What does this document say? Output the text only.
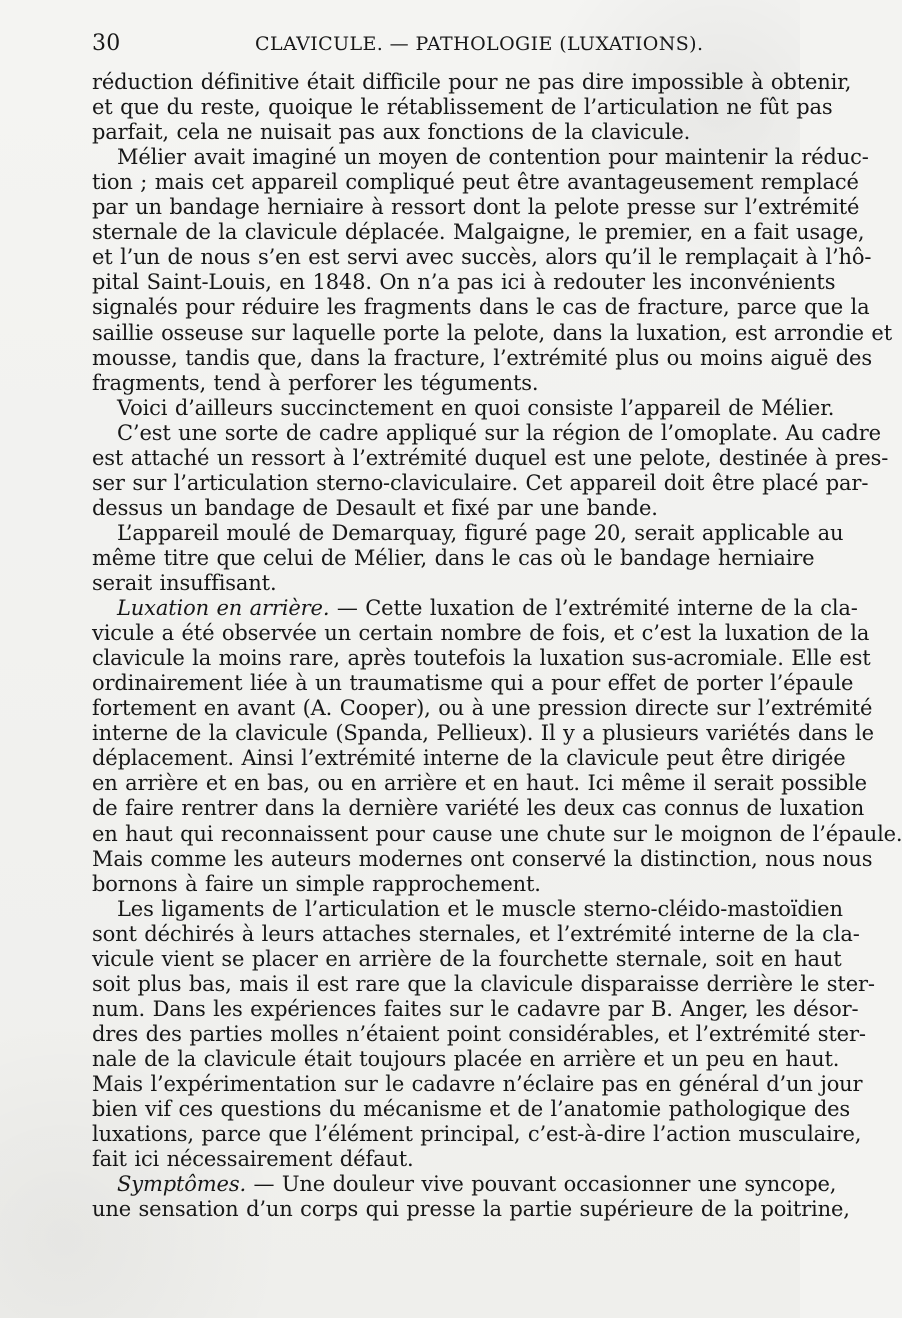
30	CLAVICULE. — PATHOLOGIE (LUXATIONS).
réduction définitive était difficile pour ne pas dire impossible à obtenir,
et que du reste, quoique le rétablissement de l’articulation ne fût pas
parfait, cela ne nuisait pas aux fonctions de la clavicule.
Mélier avait imaginé un moyen de contention pour maintenir la réduc-
tion ; mais cet appareil compliqué peut être avantageusement remplacé
par un bandage herniaire à ressort dont la pelote presse sur l’extrémité
sternale de la clavicule déplacée. Malgaigne, le premier, en a fait usage,
et l’un de nous s’en est servi avec succès, alors qu’il le remplaçait à l’hô-
pital Saint-Louis, en 1848. On n’a pas ici à redouter les inconvénients
signalés pour réduire les fragments dans le cas de fracture, parce que la
saillie osseuse sur laquelle porte la pelote, dans la luxation, est arrondie et
mousse, tandis que, dans la fracture, l’extrémité plus ou moins aiguë des
fragments, tend à perforer les téguments.
Voici d’ailleurs succinctement en quoi consiste l’appareil de Mélier.
C’est une sorte de cadre appliqué sur la région de l’omoplate. Au cadre
est attaché un ressort à l’extrémité duquel est une pelote, destinée à pres-
ser sur l’articulation sterno-claviculaire. Cet appareil doit être placé par-
dessus un bandage de Desault et fixé par une bande.
L’appareil moulé de Demarquay, figuré page 20, serait applicable au
même titre que celui de Mélier, dans le cas où le bandage herniaire
serait insuffisant.
Luxation en arrière. — Cette luxation de l’extrémité interne de la cla-
vicule a été observée un certain nombre de fois, et c’est la luxation de la
clavicule la moins rare, après toutefois la luxation sus-acromiale. Elle est
ordinairement liée à un traumatisme qui a pour effet de porter l’épaule
fortement en avant (A. Cooper), ou à une pression directe sur l’extrémité
interne de la clavicule (Spanda, Pellieux). Il y a plusieurs variétés dans le
déplacement. Ainsi l’extrémité interne de la clavicule peut être dirigée
en arrière et en bas, ou en arrière et en haut. Ici même il serait possible
de faire rentrer dans la dernière variété les deux cas connus de luxation
en haut qui reconnaissent pour cause une chute sur le moignon de l’épaule.
Mais comme les auteurs modernes ont conservé la distinction, nous nous
bornons à faire un simple rapprochement.
Les ligaments de l’articulation et le muscle sterno-cléido-mastoïdien
sont déchirés à leurs attaches sternales, et l’extrémité interne de la cla-
vicule vient se placer en arrière de la fourchette sternale, soit en haut
soit plus bas, mais il est rare que la clavicule disparaisse derrière le ster-
num. Dans les expériences faites sur le cadavre par B. Anger, les désor-
dres des parties molles n’étaient point considérables, et l’extrémité ster-
nale de la clavicule était toujours placée en arrière et un peu en haut.
Mais l’expérimentation sur le cadavre n’éclaire pas en général d’un jour
bien vif ces questions du mécanisme et de l’anatomie pathologique des
luxations, parce que l’élément principal, c’est-à-dire l’action musculaire,
fait ici nécessairement défaut.
Symptômes. — Une douleur vive pouvant occasionner une syncope,
une sensation d’un corps qui presse la partie supérieure de la poitrine,
